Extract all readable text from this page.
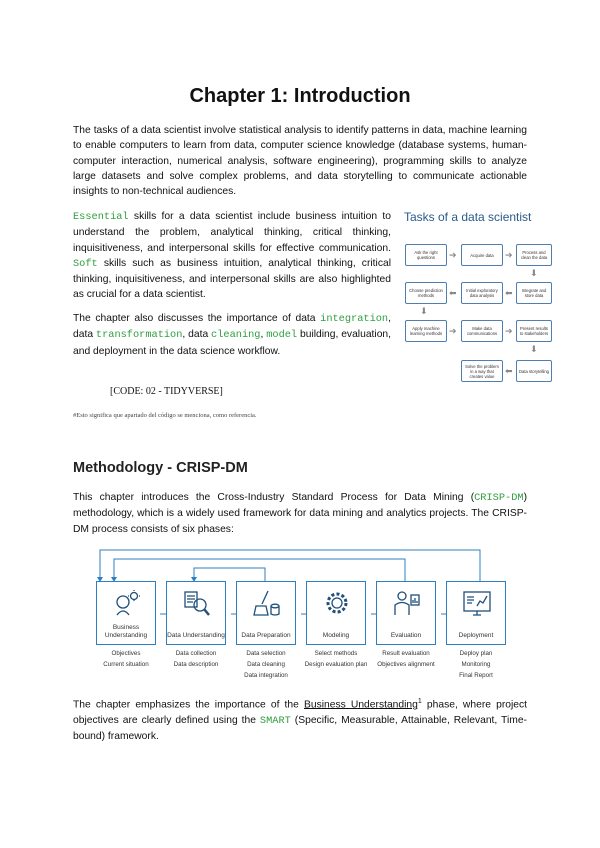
Chapter 1: Introduction
The tasks of a data scientist involve statistical analysis to identify patterns in data, machine learning to enable computers to learn from data, computer science knowledge (database systems, human-computer interaction, numerical analysis, software engineering), programming skills to analyze large datasets and solve complex problems, and data storytelling to communicate actionable insights to non-technical audiences.
Essential skills for a data scientist include business intuition to understand the problem, analytical thinking, critical thinking, inquisitiveness, and interpersonal skills for effective communication. Soft skills such as business intuition, analytical thinking, critical thinking, inquisitiveness, and interpersonal skills are also highlighted as crucial for a data scientist.
The chapter also discusses the importance of data integration, data transformation, data cleaning, model building, evaluation, and deployment in the data science workflow.
[CODE: 02 - TIDYVERSE]
#Esto significa que apartado del código se menciona, como referencia.
Tasks of a data scientist
Ask the right questions	➔	Acquire data	➔	Process and clean the data
⬇
Choose prediction methods	⬅	Initial exploratory data analysis	⬅	Integrate and store data
⬇
Apply machine learning methods ➔	Make data communications ➔	Present results to stakeholders
⬇
Solve the problem in a way that creates value	⬅	Data storytelling
Methodology - CRISP-DM
This chapter introduces the Cross-Industry Standard Process for Data Mining (CRISP-DM) methodology, which is a widely used framework for data mining and analytics projects. The CRISP-DM process consists of six phases:
Business Understanding	Data Understanding	Data Preparation	Modeling	Evaluation	Deployment
Objectives
Current situation
Data collection
Data description
Data selection
Data cleaning
Data integration
Select methods
Design evaluation plan
Result evaluation
Objectives alignment
Deploy plan
Monitoring
Final Report
The chapter emphasizes the importance of the Business Understanding$^1$ phase, where project objectives are clearly defined using the SMART (Specific, Measurable, Attainable, Relevant, Time-bound) framework.
